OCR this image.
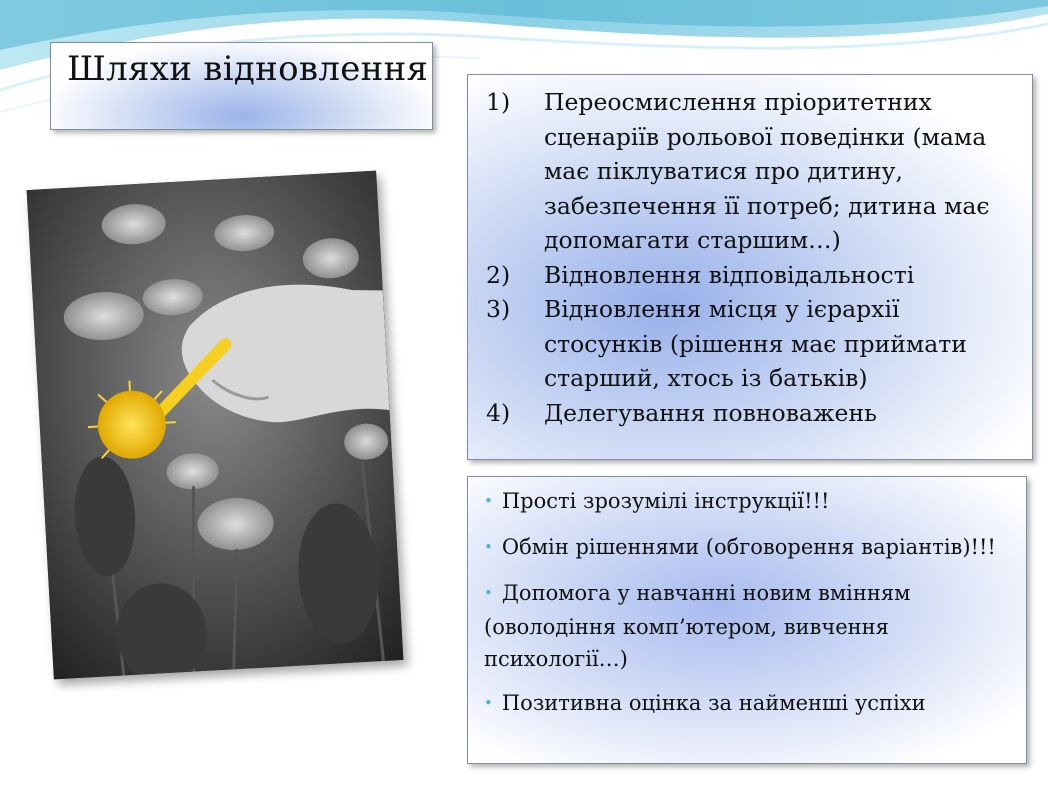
Шляхи відновлення
1) Переосмислення пріоритетних сценаріїв рольової поведінки (мама має піклуватися про дитину, забезпечення її потреб; дитина має допомагати старшим…)
2) Відновлення відповідальності
3) Відновлення місця у ієрархії стосунків (рішення має приймати старший, хтось із батьків)
4) Делегування повноважень
• Прості зрозумілі інструкції!!!
• Обмін рішеннями (обговорення варіантів)!!!
• Допомога у навчанні новим вмінням (оволодіння комп’ютером, вивчення психології…)
• Позитивна оцінка за найменші успіхи
